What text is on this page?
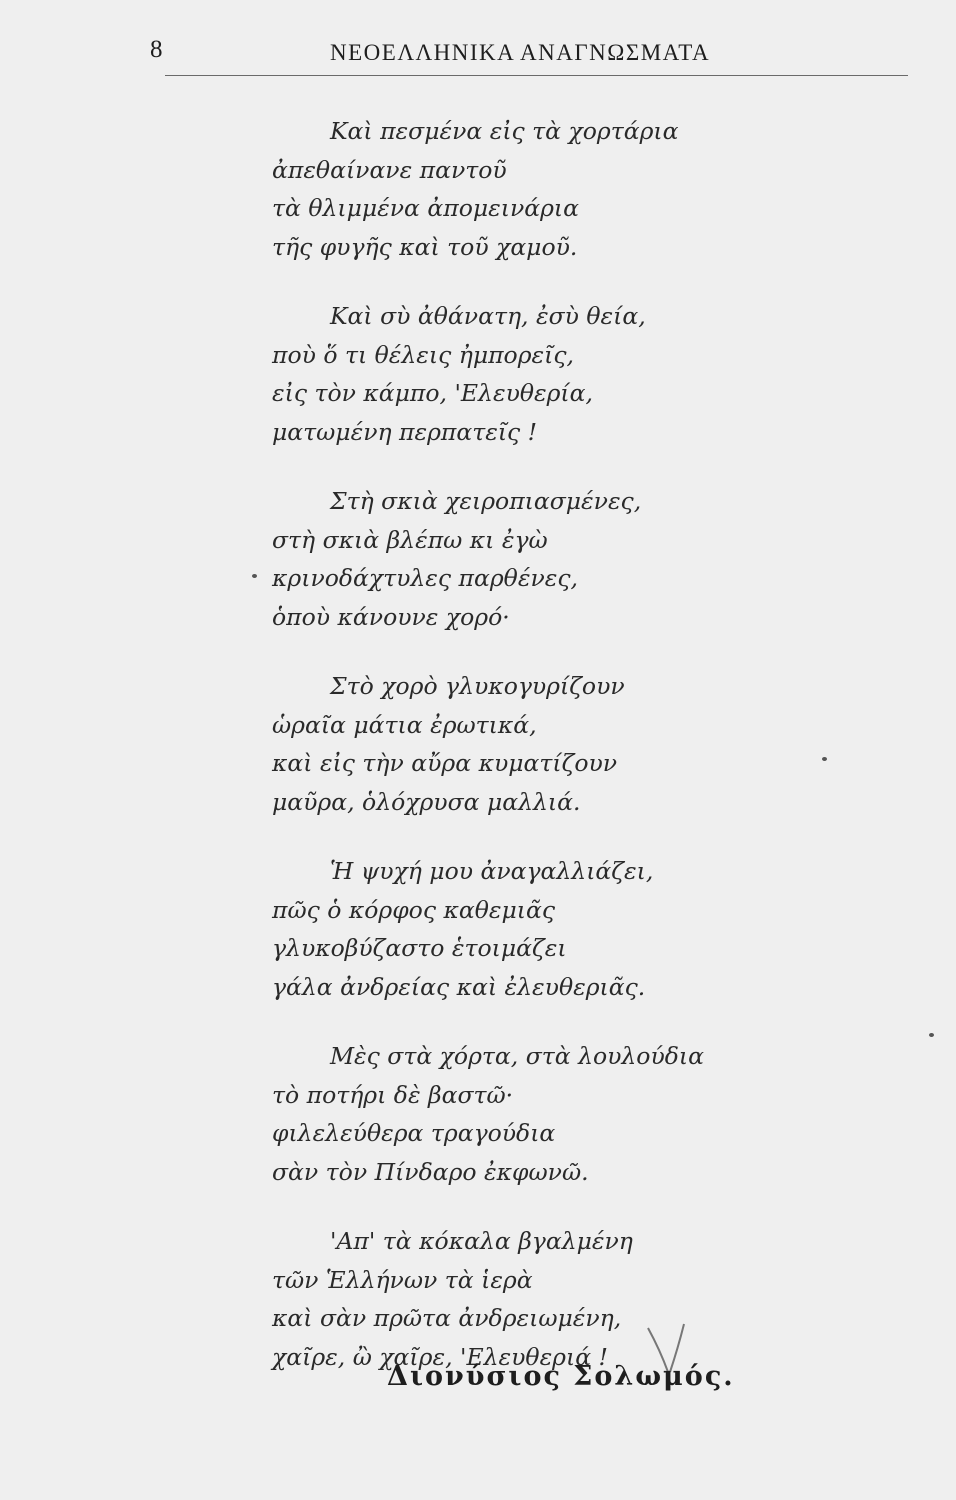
8	ΝΕΟΕΛΛΗΝΙΚΑ ΑΝΑΓΝΩΣΜΑΤΑ
Καὶ πεσμένα εἰς τὰ χορτάρια
ἀπεθαίνανε παντοῦ
τὰ θλιμμένα ἀπομεινάρια
τῆς φυγῆς καὶ τοῦ χαμοῦ.
Καὶ σὺ ἀθάνατη, ἐσὺ θεία,
ποὺ ὅ τι θέλεις ἠμπορεῖς,
εἰς τὸν κάμπο, 'Ελευθερία,
ματωμένη περπατεῖς !
Στὴ σκιὰ χειροπιασμένες,
στὴ σκιὰ βλέπω κι ἐγὼ
κρινοδάχτυλες παρθένες,
ὁποὺ κάνουνε χορό·
Στὸ χορὸ γλυκογυρίζουν
ὡραῖα μάτια ἐρωτικά,
καὶ εἰς τὴν αὔρα κυματίζουν
μαῦρα, ὁλόχρυσα μαλλιά.
Ἡ ψυχή μου ἀναγαλλιάζει,
πῶς ὁ κόρφος καθεμιᾶς
γλυκοβύζαστο ἑτοιμάζει
γάλα ἀνδρείας καὶ ἐλευθεριᾶς.
Μὲς στὰ χόρτα, στὰ λουλούδια
τὸ ποτήρι δὲ βαστῶ·
φιλελεύθερα τραγούδια
σὰν τὸν Πίνδαρο ἐκφωνῶ.
'Απ' τὰ κόκαλα βγαλμένη
τῶν Ἑλλήνων τὰ ἱερὰ
καὶ σὰν πρῶτα ἀνδρειωμένη,
χαῖρε, ὢ χαῖρε, 'Ελευθεριά !
Διονύσιος Σολωμός.
